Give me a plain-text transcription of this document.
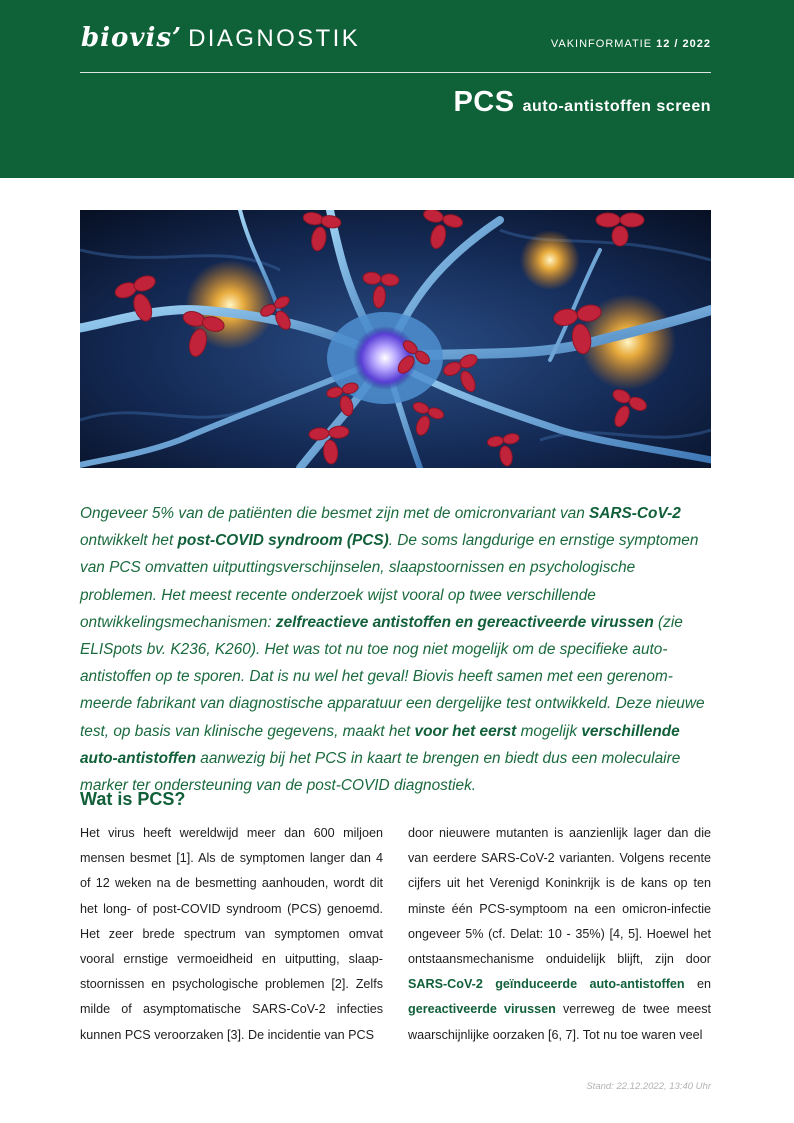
biovis’ DIAGNOSTIK	VAKINFORMATIE 12 / 2022
PCS auto-antistoffen screen

Ongeveer 5% van de patiënten die besmet zijn met de omicronvariant van SARS-CoV-2 ontwikkelt het post-COVID syndroom (PCS). De soms langdurige en ernstige symptomen van PCS omvatten uitputtingsverschijnselen, slaapstoornissen en psychologische problemen. Het meest recente onderzoek wijst vooral op twee verschillende ontwikkelingsmechanismen: zelfreactieve antistoffen en gereactiveerde virussen (zie ELISpots bv. K236, K260). Het was tot nu toe nog niet mogelijk om de specifieke auto-antistoffen op te sporen. Dat is nu wel het geval! Biovis heeft samen met een gerenommeerde fabrikant van diagnostische apparatuur een dergelijke test ontwikkeld. Deze nieuwe test, op basis van klinische gegevens, maakt het voor het eerst mogelijk verschillende auto-antistoffen aanwezig bij het PCS in kaart te brengen en biedt dus een moleculaire marker ter ondersteuning van de post-COVID diagnostiek.

Wat is PCS?

Het virus heeft wereldwijd meer dan 600 miljoen mensen besmet [1]. Als de symptomen langer dan 4 of 12 weken na de besmetting aanhouden, wordt dit het long- of post-COVID syndroom (PCS) genoemd. Het zeer brede spectrum van symptomen omvat vooral ernstige vermoeidheid en uitputting, slaapstoornissen en psychologische problemen [2]. Zelfs milde of asymptomatische SARS-CoV-2 infecties kunnen PCS veroorzaken [3]. De incidentie van PCS

door nieuwere mutanten is aanzienlijk lager dan die van eerdere SARS-CoV-2 varianten. Volgens recente cijfers uit het Verenigd Koninkrijk is de kans op ten minste één PCS-symptoom na een omicron-infectie ongeveer 5% (cf. Delat: 10 - 35%) [4, 5]. Hoewel het ontstaansmechanisme onduidelijk blijft, zijn door SARS-CoV-2 geïnduceerde auto-antistoffen en gereactiveerde virussen verreweg de twee meest waarschijnlijke oorzaken [6, 7]. Tot nu toe waren veel

Stand: 22.12.2022, 13:40 Uhr
